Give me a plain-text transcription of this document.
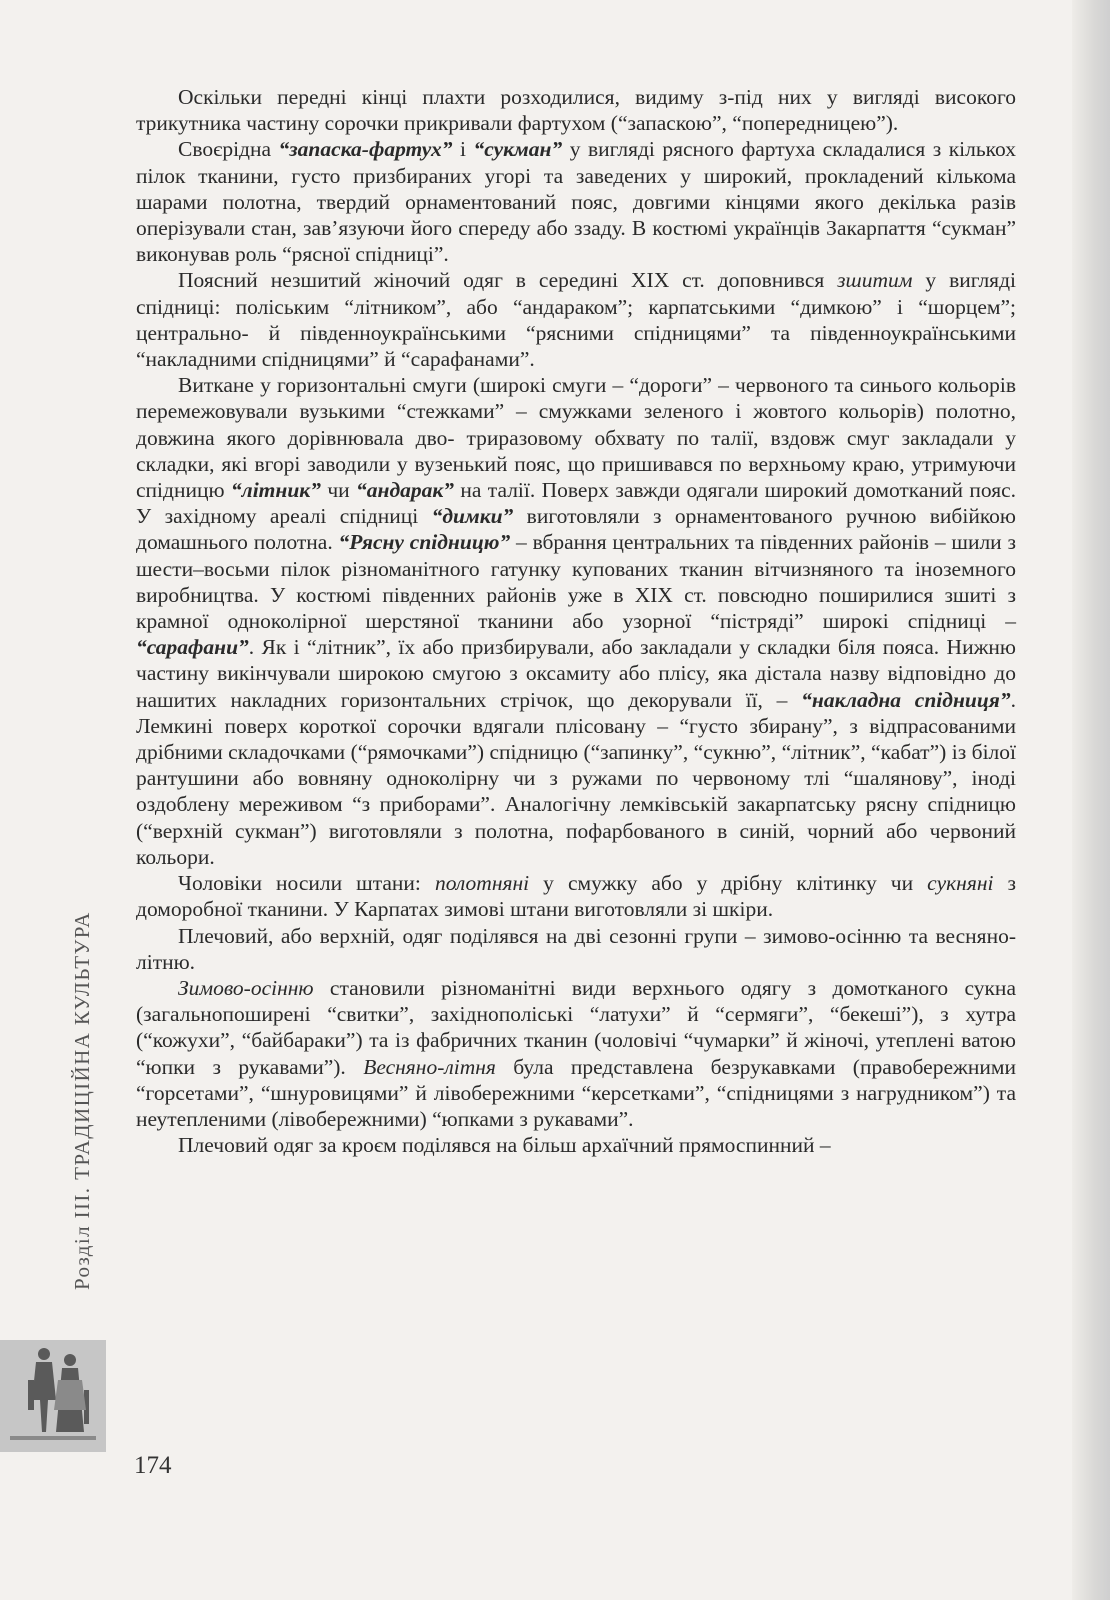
Оскільки передні кінці плахти розходилися, видиму з-під них у вигляді високого трикутника частину сорочки прикривали фартухом (“запаскою”, “попередницею”).

Своєрідна “запаска-фартух” і “сукман” у вигляді рясного фартуха складалися з кількох пілок тканини, густо призбираних угорі та заведених у широкий, прокладений кількома шарами полотна, твердий орнаментований пояс, довгими кінцями якого декілька разів оперізували стан, зав’язуючи його спереду або ззаду. В костюмі українців Закарпаття “сукман” виконував роль “рясної спідниці”.

Поясний незшитий жіночий одяг в середині XIX ст. доповнився зшитим у вигляді спідниці: поліським “літником”, або “андараком”; карпатськими “димкою” і “шорцем”; центрально- й південноукраїнськими “рясними спідницями” та південноукраїнськими “накладними спідницями” й “сарафанами”.

Виткане у горизонтальні смуги (широкі смуги – “дороги” – червоного та синього кольорів перемежовували вузькими “стежками” – смужками зеленого і жовтого кольорів) полотно, довжина якого дорівнювала дво- триразовому обхвату по талії, вздовж смуг закладали у складки, які вгорі заводили у вузенький пояс, що пришивався по верхньому краю, утримуючи спідницю “літник” чи “андарак” на талії. Поверх завжди одягали широкий домотканий пояс. У західному ареалі спідниці “димки” виготовляли з орнаментованого ручною вибійкою домашнього полотна. “Рясну спідницю” – вбрання центральних та південних районів – шили з шести–восьми пілок різноманітного гатунку купованих тканин вітчизняного та іноземного виробництва. У костюмі південних районів уже в XIX ст. повсюдно поширилися зшиті з крамної одноколірної шерстяної тканини або узорної “пістряді” широкі спідниці – “сарафани”. Як і “літник”, їх або призбирували, або закладали у складки біля пояса. Нижню частину викінчували широкою смугою з оксамиту або плісу, яка дістала назву відповідно до нашитих накладних горизонтальних стрічок, що декорували її, – “накладна спідниця”. Лемкині поверх короткої сорочки вдягали плісовану – “густо збирану”, з відпрасованими дрібними складочками (“рямочками”) спідницю (“запинку”, “сукню”, “літник”, “кабат”) із білої рантушини або вовняну одноколірну чи з ружами по червоному тлі “шалянову”, іноді оздоблену мереживом “з приборами”. Аналогічну лемківській закарпатську рясну спідницю (“верхній сукман”) виготовляли з полотна, пофарбованого в синій, чорний або червоний кольори.

Чоловіки носили штани: полотняні у смужку або у дрібну клітинку чи сукняні з доморобної тканини. У Карпатах зимові штани виготовляли зі шкіри.

Плечовий, або верхній, одяг поділявся на дві сезонні групи – зимово-осінню та весняно-літню.

Зимово-осінню становили різноманітні види верхнього одягу з домотканого сукна (загальнопоширені “свитки”, західнополіські “латухи” й “сермяги”, “бекеші”), з хутра (“кожухи”, “байбараки”) та із фабричних тканин (чоловічі “чумарки” й жіночі, утеплені ватою “юпки з рукавами”). Весняно-літня була представлена безрукавками (правобережними “горсетами”, “шнуровицями” й лівобережними “керсетками”, “спідницями з нагрудником”) та неутепленими (лівобережними) “юпками з рукавами”.

Плечовий одяг за кроєм поділявся на більш архаїчний прямоспинний –

Розділ III. ТРАДИЦІЙНА КУЛЬТУРА
174
